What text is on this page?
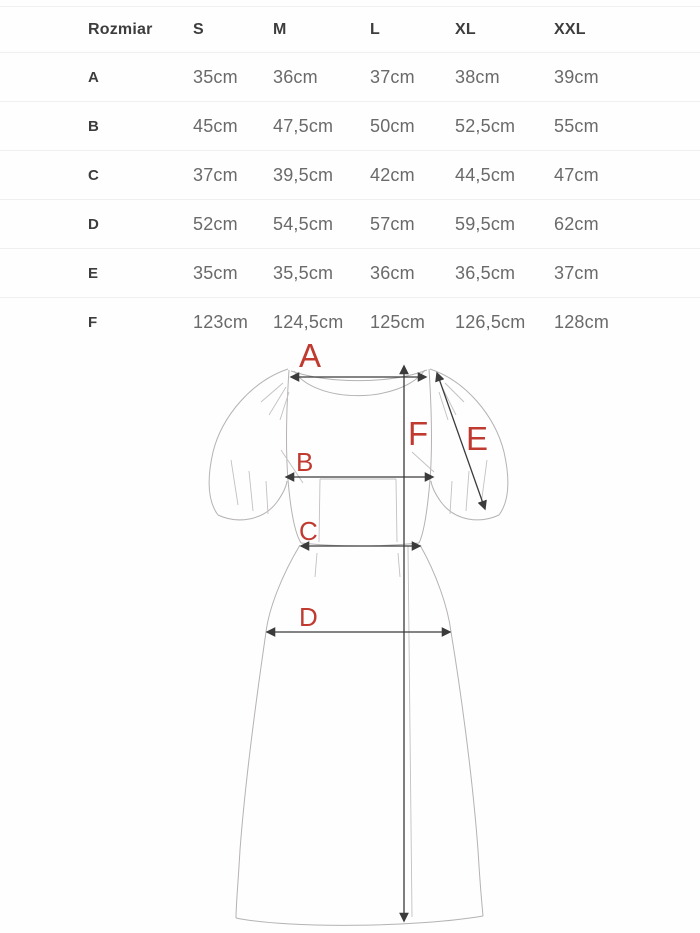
Rozmiar	S	M	L	XL	XXL
A	35cm	36cm	37cm	38cm	39cm
B	45cm	47,5cm	50cm	52,5cm	55cm
C	37cm	39,5cm	42cm	44,5cm	47cm
D	52cm	54,5cm	57cm	59,5cm	62cm
E	35cm	35,5cm	36cm	36,5cm	37cm
F	123cm	124,5cm	125cm	126,5cm	128cm
A
B
C
D
E
F
